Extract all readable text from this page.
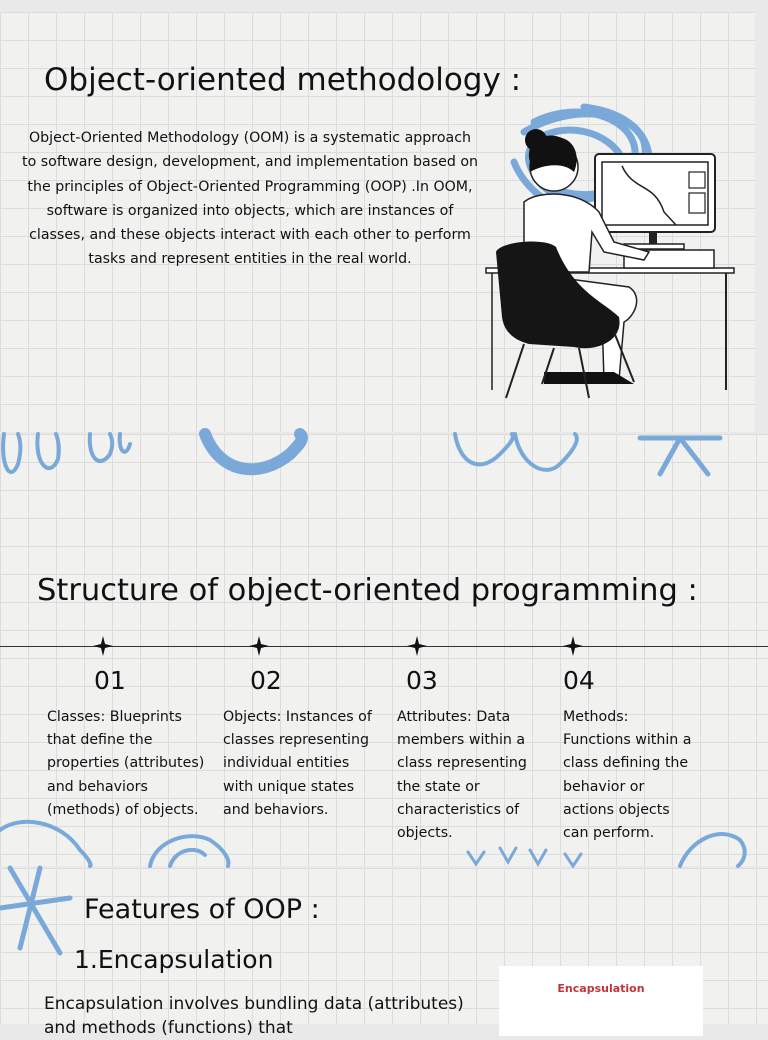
Object-oriented methodology :

Object-Oriented Methodology (OOM) is a systematic approach to software design, development, and implementation based on the principles of Object-Oriented Programming (OOP) .In OOM, software is organized into objects, which are instances of classes, and these objects interact with each other to perform tasks and represent entities in the real world.

Structure of object-oriented programming :
01	02	03	04

Classes: Blueprints that define the properties (attributes) and behaviors (methods) of objects.

Objects: Instances of classes representing individual entities with unique states and behaviors.

Attributes: Data members within a class representing the state or characteristics of objects.

Methods: Functions within a class defining the behavior or actions objects can perform.

Features of OOP :
1.Encapsulation

Encapsulation involves bundling data (attributes) and methods (functions) that

Encapsulation
